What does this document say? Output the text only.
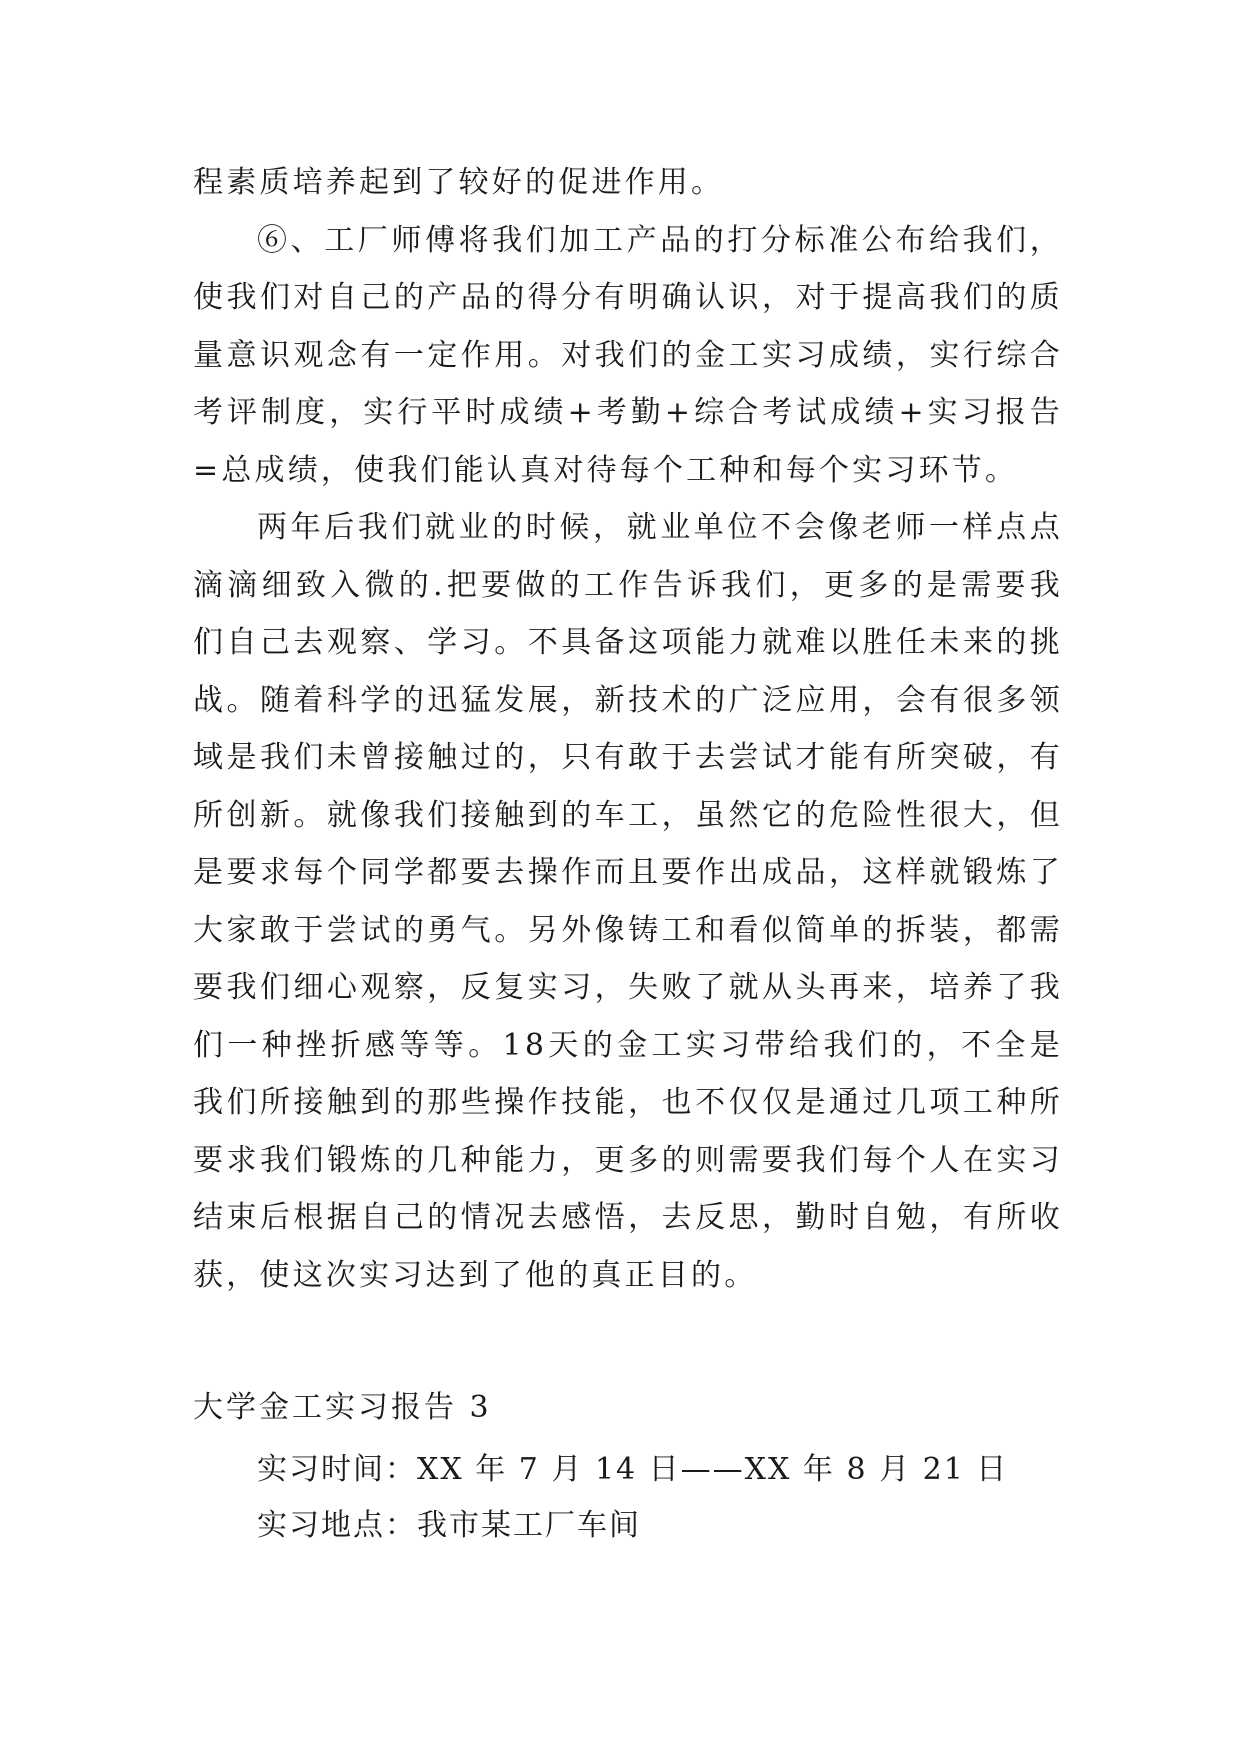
程素质培养起到了较好的促进作用。

⑥、工厂师傅将我们加工产品的打分标准公布给我们，使我们对自己的产品的得分有明确认识，对于提高我们的质量意识观念有一定作用。对我们的金工实习成绩，实行综合考评制度，实行平时成绩+考勤+综合考试成绩+实习报告=总成绩，使我们能认真对待每个工种和每个实习环节。

两年后我们就业的时候，就业单位不会像老师一样点点滴滴细致入微的.把要做的工作告诉我们，更多的是需要我们自己去观察、学习。不具备这项能力就难以胜任未来的挑战。随着科学的迅猛发展，新技术的广泛应用，会有很多领域是我们未曾接触过的，只有敢于去尝试才能有所突破，有所创新。就像我们接触到的车工，虽然它的危险性很大，但是要求每个同学都要去操作而且要作出成品，这样就锻炼了大家敢于尝试的勇气。另外像铸工和看似简单的拆装，都需要我们细心观察，反复实习，失败了就从头再来，培养了我们一种挫折感等等。18天的金工实习带给我们的，不全是我们所接触到的那些操作技能，也不仅仅是通过几项工种所要求我们锻炼的几种能力，更多的则需要我们每个人在实习结束后根据自己的情况去感悟，去反思，勤时自勉，有所收获，使这次实习达到了他的真正目的。

大学金工实习报告 3

实习时间：XX 年 7 月 14 日——XX 年 8 月 21 日

实习地点：我市某工厂车间
